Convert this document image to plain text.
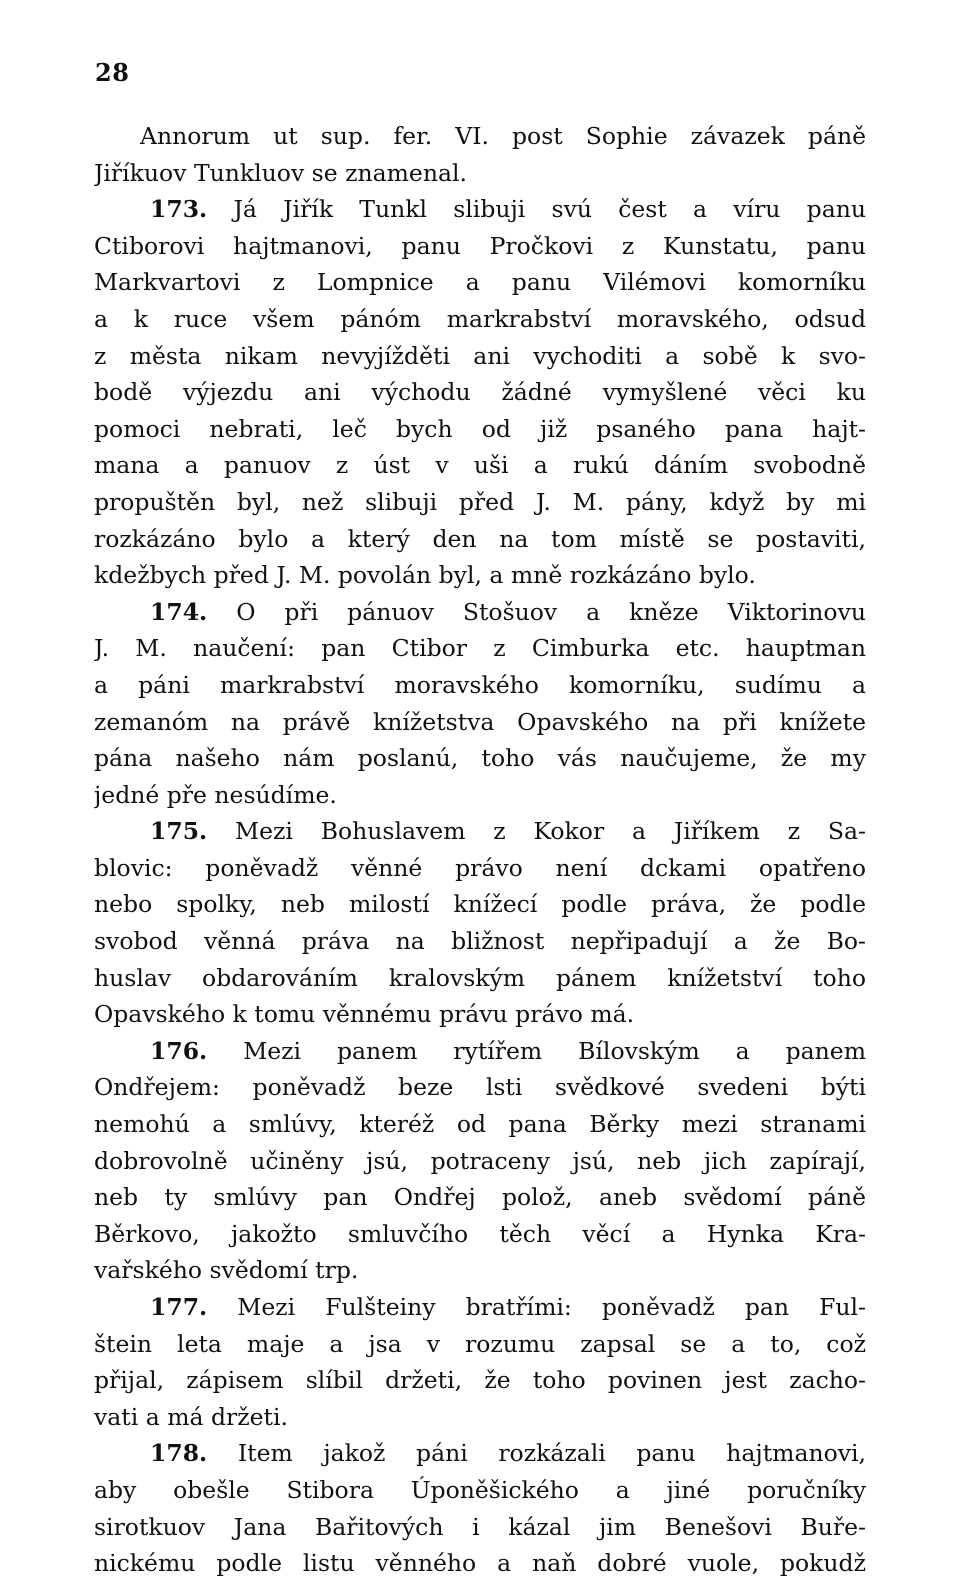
28
Annorum ut sup. fer. VI. post Sophie závazek páně
Jiříkuov Tunkluov se znamenal.
173. Já Jiřík Tunkl slibuji svú čest a víru panu
Ctiborovi hajtmanovi, panu Pročkovi z Kunstatu, panu
Markvartovi z Lompnice a panu Vilémovi komorníku
a k ruce všem pánóm markrabství moravského, odsud
z města nikam nevyjížděti ani vychoditi a sobě k svo-
bodě výjezdu ani východu žádné vymyšlené věci ku
pomoci nebrati, leč bych od již psaného pana hajt-
mana a panuov z úst v uši a rukú dáním svobodně
propuštěn byl, než slibuji před J. M. pány, když by mi
rozkázáno bylo a který den na tom místě se postaviti,
kdežbych před J. M. povolán byl, a mně rozkázáno bylo.
174. O při pánuov Stošuov a kněze Viktorinovu
J. M. naučení: pan Ctibor z Cimburka etc. hauptman
a páni markrabství moravského komorníku, sudímu a
zemanóm na právě knížetstva Opavského na při knížete
pána našeho nám poslanú, toho vás naučujeme, že my
jedné pře nesúdíme.
175. Mezi Bohuslavem z Kokor a Jiříkem z Sa-
blovic: poněvadž věnné právo není dckami opatřeno
nebo spolky, neb milostí knížecí podle práva, že podle
svobod věnná práva na bližnost nepřipadují a že Bo-
huslav obdarováním kralovským pánem knížetství toho
Opavského k tomu věnnému právu právo má.
176. Mezi panem rytířem Bílovským a panem
Ondřejem: poněvadž beze lsti svědkové svedeni býti
nemohú a smlúvy, kteréž od pana Běrky mezi stranami
dobrovolně učiněny jsú, potraceny jsú, neb jich zapírají,
neb ty smlúvy pan Ondřej polož, aneb svědomí páně
Běrkovo, jakožto smluvčího těch věcí a Hynka Kra-
vařského svědomí trp.
177. Mezi Fulšteiny bratřími: poněvadž pan Ful-
štein leta maje a jsa v rozumu zapsal se a to, což
přijal, zápisem slíbil držeti, že toho povinen jest zacho-
vati a má držeti.
178. Item jakož páni rozkázali panu hajtmanovi,
aby obešle Stibora Úponěšického a jiné poručníky
sirotkuov Jana Bařitových i kázal jim Benešovi Buře-
nickému podle listu věnného a naň dobré vuole, pokudž
